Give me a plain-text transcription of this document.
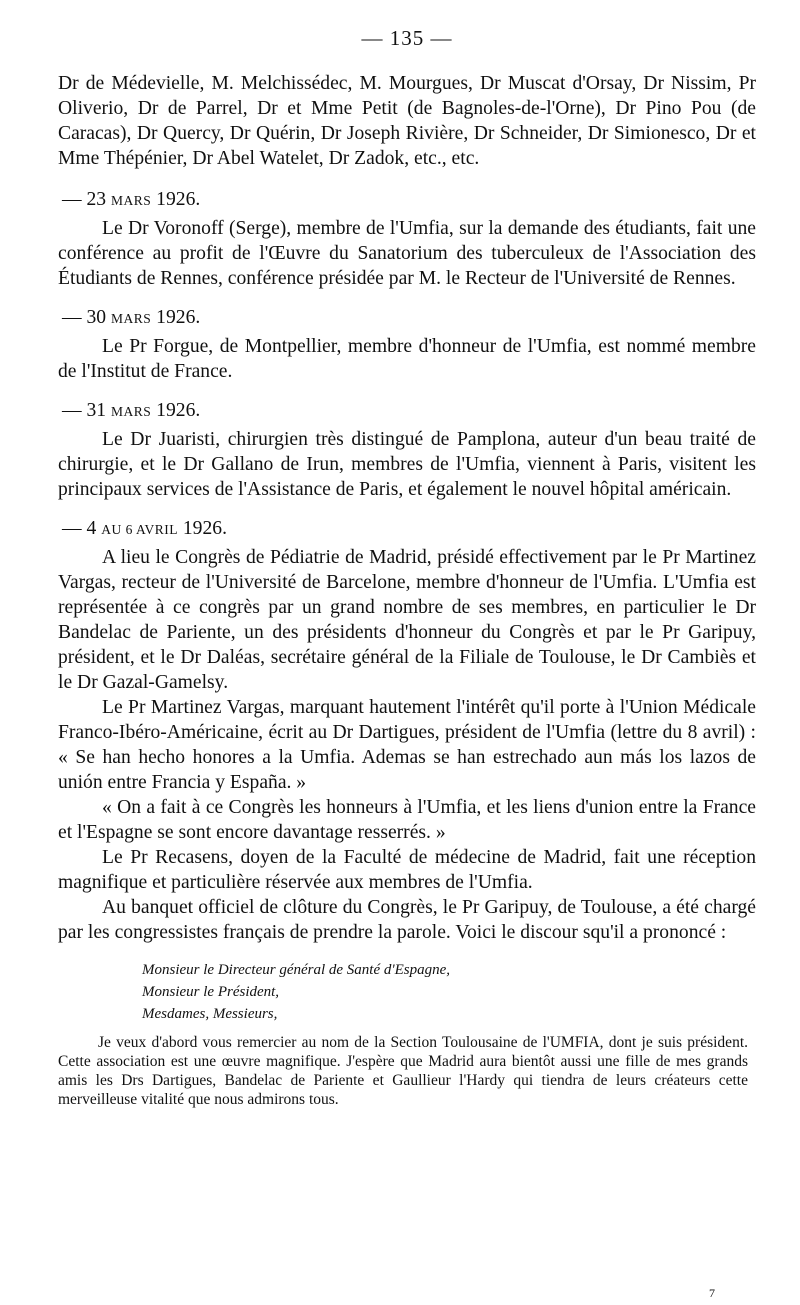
— 135 —

Dr de Médevielle, M. Melchissédec, M. Mourgues, Dr Muscat d'Orsay, Dr Nissim, Pr Oliverio, Dr de Parrel, Dr et Mme Petit (de Bagnoles-de-l'Orne), Dr Pino Pou (de Caracas), Dr Quercy, Dr Quérin, Dr Joseph Rivière, Dr Schneider, Dr Simionesco, Dr et Mme Thépénier, Dr Abel Watelet, Dr Zadok, etc., etc.

— 23 MARS 1926.

Le Dr Voronoff (Serge), membre de l'Umfia, sur la demande des étudiants, fait une conférence au profit de l'Œuvre du Sanatorium des tuberculeux de l'Association des Étudiants de Rennes, conférence présidée par M. le Recteur de l'Université de Rennes.

— 30 MARS 1926.

Le Pr Forgue, de Montpellier, membre d'honneur de l'Umfia, est nommé membre de l'Institut de France.

— 31 MARS 1926.

Le Dr Juaristi, chirurgien très distingué de Pamplona, auteur d'un beau traité de chirurgie, et le Dr Gallano de Irun, membres de l'Umfia, viennent à Paris, visitent les principaux services de l'Assistance de Paris, et également le nouvel hôpital américain.

— 4 AU 6 AVRIL 1926.

A lieu le Congrès de Pédiatrie de Madrid, présidé effectivement par le Pr Martinez Vargas, recteur de l'Université de Barcelone, membre d'honneur de l'Umfia. L'Umfia est représentée à ce congrès par un grand nombre de ses membres, en particulier le Dr Bandelac de Pariente, un des présidents d'honneur du Congrès et par le Pr Garipuy, président, et le Dr Daléas, secrétaire général de la Filiale de Toulouse, le Dr Cambiès et le Dr Gazal-Gamelsy.

Le Pr Martinez Vargas, marquant hautement l'intérêt qu'il porte à l'Union Médicale Franco-Ibéro-Américaine, écrit au Dr Dartigues, président de l'Umfia (lettre du 8 avril) : « Se han hecho honores a la Umfia. Ademas se han estrechado aun más los lazos de unión entre Francia y España. »

« On a fait à ce Congrès les honneurs à l'Umfia, et les liens d'union entre la France et l'Espagne se sont encore davantage resserrés. »

Le Pr Recasens, doyen de la Faculté de médecine de Madrid, fait une réception magnifique et particulière réservée aux membres de l'Umfia.

Au banquet officiel de clôture du Congrès, le Pr Garipuy, de Toulouse, a été chargé par les congressistes français de prendre la parole. Voici le discour squ'il a prononcé :

Monsieur le Directeur général de Santé d'Espagne,
Monsieur le Président,
Mesdames, Messieurs,

Je veux d'abord vous remercier au nom de la Section Toulousaine de l'UMFIA, dont je suis président. Cette association est une œuvre magnifique. J'espère que Madrid aura bientôt aussi une fille de mes grands amis les Drs Dartigues, Bandelac de Pariente et Gaullieur l'Hardy qui tiendra de leurs créateurs cette merveilleuse vitalité que nous admirons tous.

7
